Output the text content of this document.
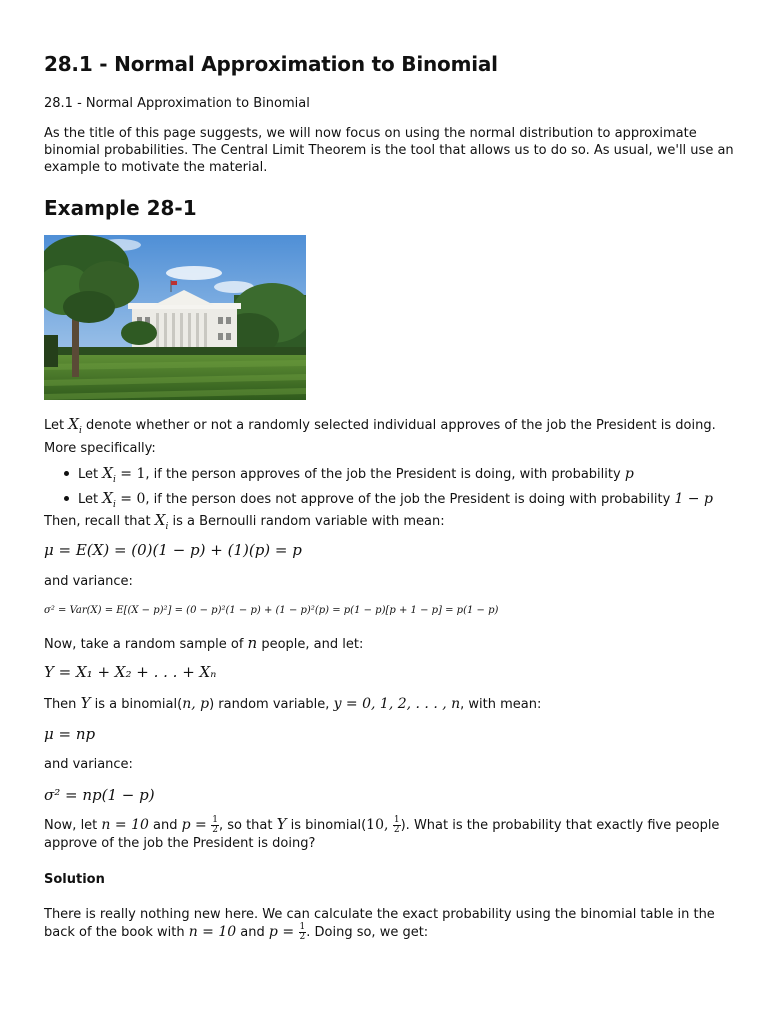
28.1 - Normal Approximation to Binomial

28.1 - Normal Approximation to Binomial

As the title of this page suggests, we will now focus on using the normal distribution to approximate binomial probabilities. The Central Limit Theorem is the tool that allows us to do so. As usual, we'll use an example to motivate the material.

Example 28-1

Let $X_i$ denote whether or not a randomly selected individual approves of the job the President is doing. More specifically:

Let $X_i = 1$, if the person approves of the job the President is doing, with probability p
Let $X_i = 0$, if the person does not approve of the job the President is doing with probability 1 − p

Then, recall that $X_i$ is a Bernoulli random variable with mean:

μ = E(X) = (0)(1 − p) + (1)(p) = p

and variance:

σ² = Var(X) = E[(X − p)²] = (0 − p)²(1 − p) + (1 − p)²(p) = p(1 − p)[p + 1 − p] = p(1 − p)

Now, take a random sample of n people, and let:

Y = X₁ + X₂ + . . . + Xₙ

Then Y is a binomial(n, p) random variable, y = 0, 1, 2, . . . , n, with mean:

μ = np

and variance:

σ² = np(1 − p)

Now, let n = 10 and $p = \frac{1}{2}$ , so that Y is binomial(10, $\frac{1}{2}$ ). What is the probability that exactly five people approve of the job the President is doing?

Solution

There is really nothing new here. We can calculate the exact probability using the binomial table in the back of the book with n = 10 and $p = \frac{1}{2}$ . Doing so, we get:
